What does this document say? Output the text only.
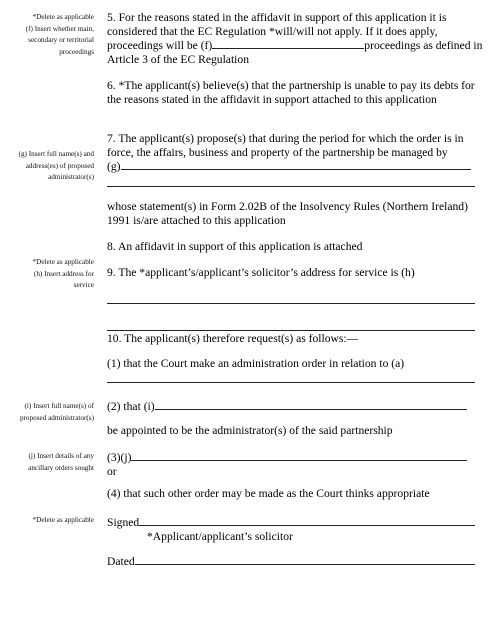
*Delete as applicable
(f) Insert whether main,
secondary or territorial
proceedings
(g) Insert full name(s) and
address(es) of proposed
administrator(s)
*Delete as applicable
(h) Insert address for
service
(i) Insert full name(s) of
proposed administrator(s)
(j) Insert details of any
ancillary orders sought
*Delete as applicable
5. For the reasons stated in the affidavit in support of this application it is
considered that the EC Regulation *will/will not apply. If it does apply,
proceedings will be (f)	proceedings as defined in
Article 3 of the EC Regulation
6. *The applicant(s) believe(s) that the partnership is unable to pay its debts for
the reasons stated in the affidavit in support attached to this application
7. The applicant(s) propose(s) that during the period for which the order is in
force, the affairs, business and property of the partnership be managed by
(g)
whose statement(s) in Form 2.02B of the Insolvency Rules (Northern Ireland)
1991 is/are attached to this application
8. An affidavit in support of this application is attached
9. The *applicant’s/applicant’s solicitor’s address for service is (h)
10. The applicant(s) therefore request(s) as follows:—
(1) that the Court make an administration order in relation to (a)
(2) that (i)
be appointed to be the administrator(s) of the said partnership
(3)(j)
or
(4) that such other order may be made as the Court thinks appropriate
Signed
*Applicant/applicant’s solicitor
Dated
